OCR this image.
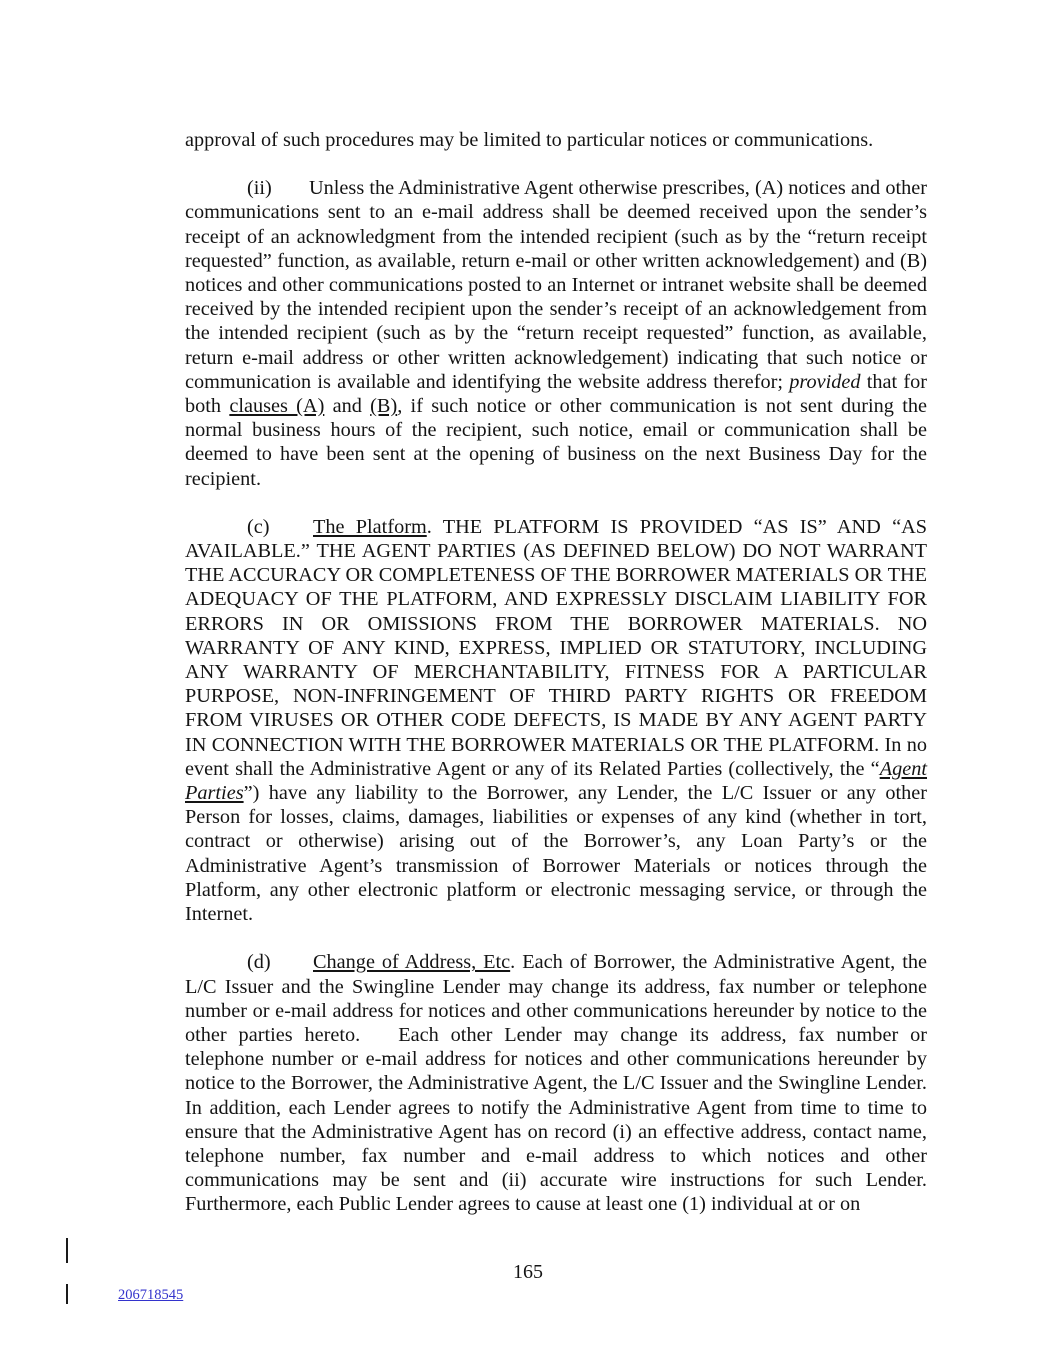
approval of such procedures may be limited to particular notices or communications.

(ii) Unless the Administrative Agent otherwise prescribes, (A) notices and other communications sent to an e-mail address shall be deemed received upon the sender’s receipt of an acknowledgment from the intended recipient (such as by the “return receipt requested” function, as available, return e-mail or other written acknowledgement) and (B) notices and other communications posted to an Internet or intranet website shall be deemed received by the intended recipient upon the sender’s receipt of an acknowledgement from the intended recipient (such as by the “return receipt requested” function, as available, return e-mail address or other written acknowledgement) indicating that such notice or communication is available and identifying the website address therefor; provided that for both clauses (A) and (B), if such notice or other communication is not sent during the normal business hours of the recipient, such notice, email or communication shall be deemed to have been sent at the opening of business on the next Business Day for the recipient.

(c) The Platform. THE PLATFORM IS PROVIDED “AS IS” AND “AS AVAILABLE.” THE AGENT PARTIES (AS DEFINED BELOW) DO NOT WARRANT THE ACCURACY OR COMPLETENESS OF THE BORROWER MATERIALS OR THE ADEQUACY OF THE PLATFORM, AND EXPRESSLY DISCLAIM LIABILITY FOR ERRORS IN OR OMISSIONS FROM THE BORROWER MATERIALS. NO WARRANTY OF ANY KIND, EXPRESS, IMPLIED OR STATUTORY, INCLUDING ANY WARRANTY OF MERCHANTABILITY, FITNESS FOR A PARTICULAR PURPOSE, NON-INFRINGEMENT OF THIRD PARTY RIGHTS OR FREEDOM FROM VIRUSES OR OTHER CODE DEFECTS, IS MADE BY ANY AGENT PARTY IN CONNECTION WITH THE BORROWER MATERIALS OR THE PLATFORM. In no event shall the Administrative Agent or any of its Related Parties (collectively, the “Agent Parties”) have any liability to the Borrower, any Lender, the L/C Issuer or any other Person for losses, claims, damages, liabilities or expenses of any kind (whether in tort, contract or otherwise) arising out of the Borrower’s, any Loan Party’s or the Administrative Agent’s transmission of Borrower Materials or notices through the Platform, any other electronic platform or electronic messaging service, or through the Internet.

(d) Change of Address, Etc. Each of Borrower, the Administrative Agent, the L/C Issuer and the Swingline Lender may change its address, fax number or telephone number or e-mail address for notices and other communications hereunder by notice to the other parties hereto. Each other Lender may change its address, fax number or telephone number or e-mail address for notices and other communications hereunder by notice to the Borrower, the Administrative Agent, the L/C Issuer and the Swingline Lender. In addition, each Lender agrees to notify the Administrative Agent from time to time to ensure that the Administrative Agent has on record (i) an effective address, contact name, telephone number, fax number and e-mail address to which notices and other communications may be sent and (ii) accurate wire instructions for such Lender. Furthermore, each Public Lender agrees to cause at least one (1) individual at or on

165
206718545
